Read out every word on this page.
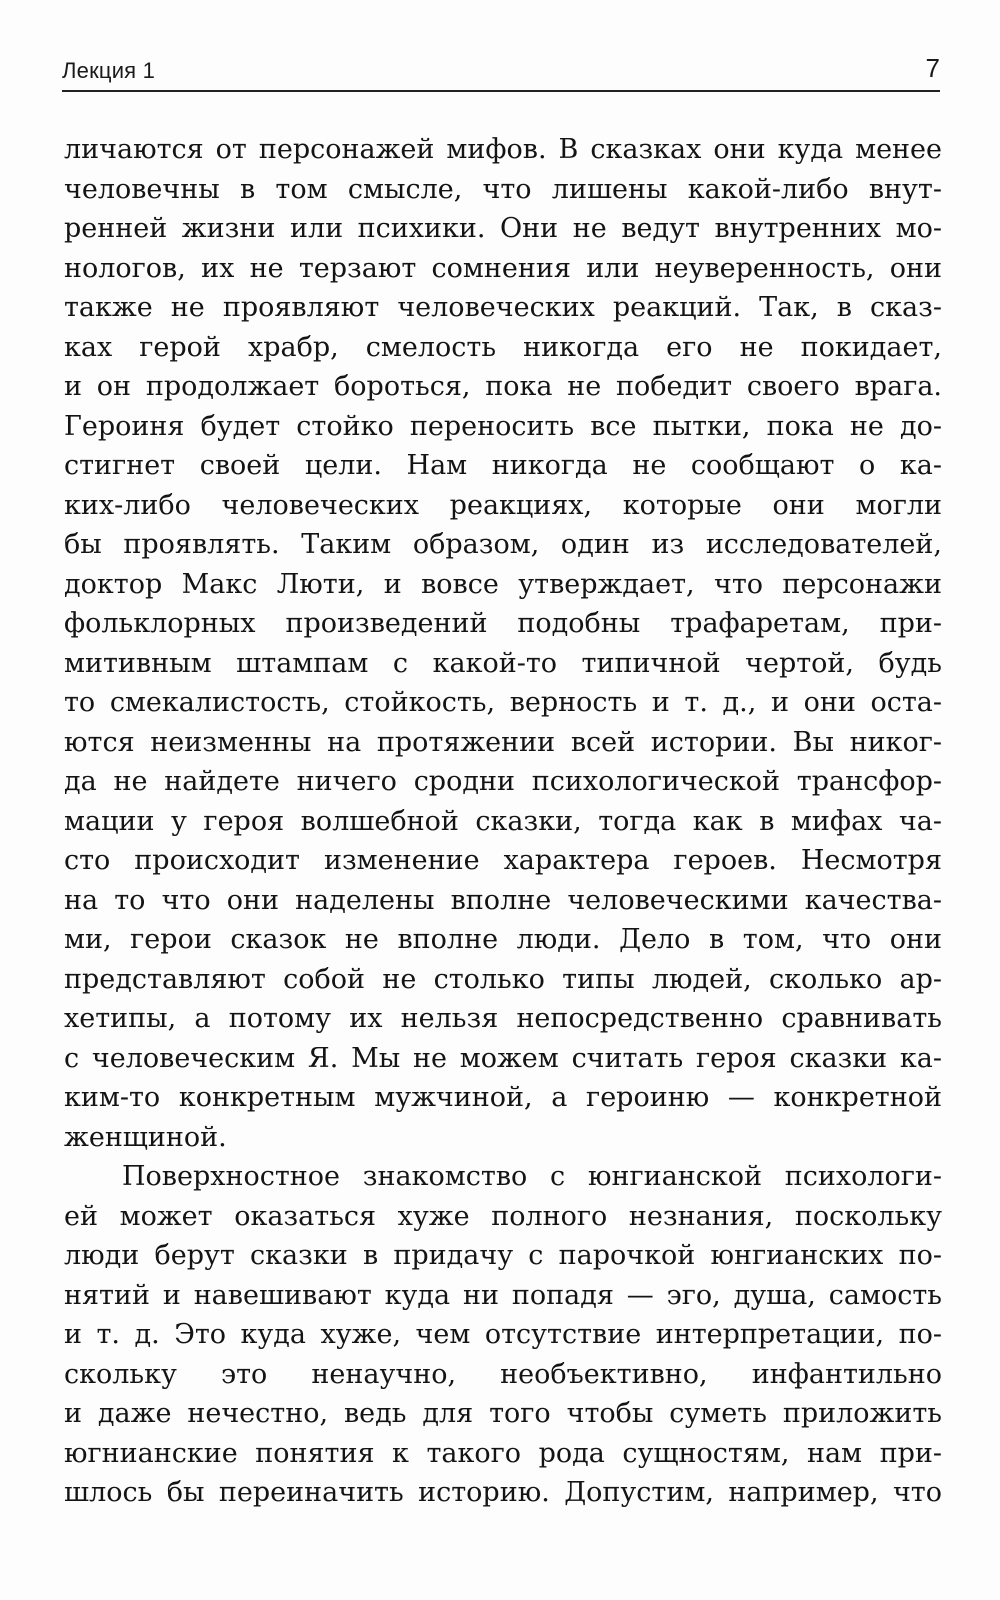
Лекция 1	7
личаются от персонажей мифов. В сказках они куда менее
человечны в том смысле, что лишены какой-либо внут-
ренней жизни или психики. Они не ведут внутренних мо-
нологов, их не терзают сомнения или неуверенность, они
также не проявляют человеческих реакций. Так, в сказ-
ках герой храбр, смелость никогда его не покидает,
и он продолжает бороться, пока не победит своего врага.
Героиня будет стойко переносить все пытки, пока не до-
стигнет своей цели. Нам никогда не сообщают о ка-
ких-либо человеческих реакциях, которые они могли
бы проявлять. Таким образом, один из исследователей,
доктор Макс Люти, и вовсе утверждает, что персонажи
фольклорных произведений подобны трафаретам, при-
митивным штампам с какой-то типичной чертой, будь
то смекалистость, стойкость, верность и т. д., и они оста-
ются неизменны на протяжении всей истории. Вы никог-
да не найдете ничего сродни психологической трансфор-
мации у героя волшебной сказки, тогда как в мифах ча-
сто происходит изменение характера героев. Несмотря
на то что они наделены вполне человеческими качества-
ми, герои сказок не вполне люди. Дело в том, что они
представляют собой не столько типы людей, сколько ар-
хетипы, а потому их нельзя непосредственно сравнивать
с человеческим Я. Мы не можем считать героя сказки ка-
ким-то конкретным мужчиной, а героиню — конкретной
женщиной.
Поверхностное знакомство с юнгианской психологи-
ей может оказаться хуже полного незнания, поскольку
люди берут сказки в придачу с парочкой юнгианских по-
нятий и навешивают куда ни попадя — эго, душа, самость
и т. д. Это куда хуже, чем отсутствие интерпретации, по-
скольку это ненаучно, необъективно, инфантильно
и даже нечестно, ведь для того чтобы суметь приложить
югнианские понятия к такого рода сущностям, нам при-
шлось бы переиначить историю. Допустим, например, что
